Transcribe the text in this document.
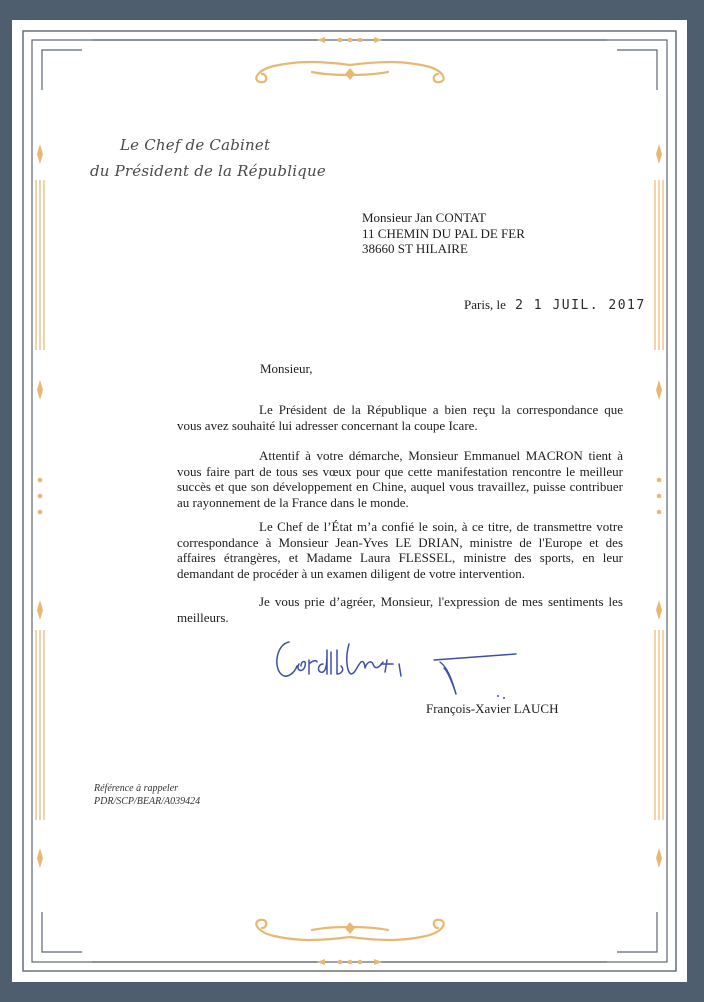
Le Chef de Cabinet
du Président de la République
Monsieur Jan CONTAT
11 CHEMIN DU PAL DE FER
38660 ST HILAIRE
Paris, le 2 1 JUIL. 2017
Monsieur,

Le Président de la République a bien reçu la correspondance que vous avez souhaité lui adresser concernant la coupe Icare.

Attentif à votre démarche, Monsieur Emmanuel MACRON tient à vous faire part de tous ses vœux pour que cette manifestation rencontre le meilleur succès et que son développement en Chine, auquel vous travaillez, puisse contribuer au rayonnement de la France dans le monde.

Le Chef de l’État m’a confié le soin, à ce titre, de transmettre votre correspondance à Monsieur Jean-Yves LE DRIAN, ministre de l'Europe et des affaires étrangères, et Madame Laura FLESSEL, ministre des sports, en leur demandant de procéder à un examen diligent de votre intervention.

Je vous prie d’agréer, Monsieur, l'expression de mes sentiments les meilleurs.

François-Xavier LAUCH
Référence à rappeler
PDR/SCP/BEAR/A039424
